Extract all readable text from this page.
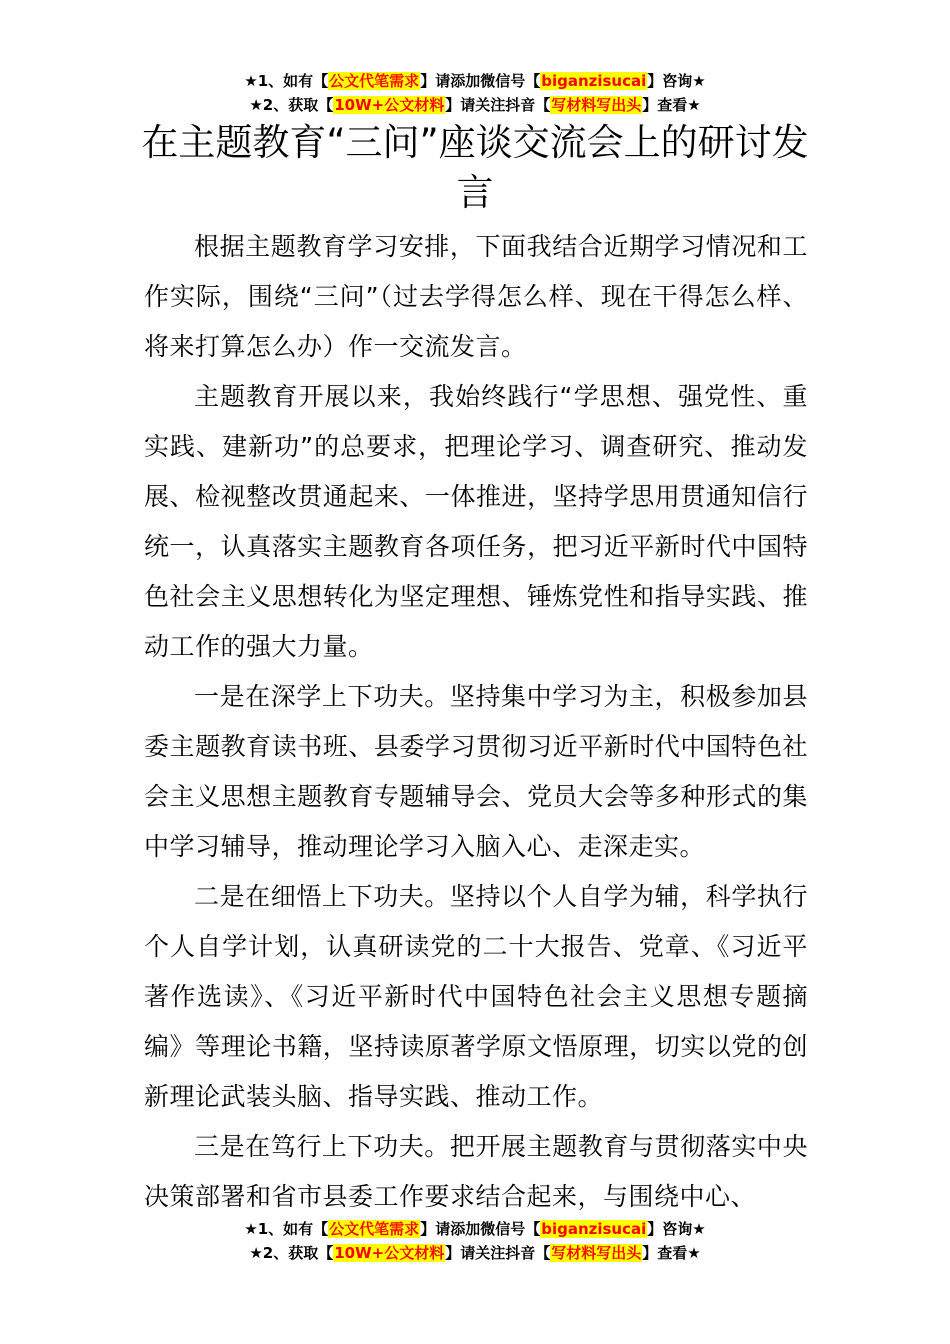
★1、如有【公文代笔需求】请添加微信号【biganzisucai】咨询★
★2、获取【10W+公文材料】请关注抖音【写材料写出头】查看★
在主题教育“三问”座谈交流会上的研讨发言

根据主题教育学习安排，下面我结合近期学习情况和工作实际，围绕“三问”（过去学得怎么样、现在干得怎么样、将来打算怎么办）作一交流发言。

主题教育开展以来，我始终践行“学思想、强党性、重实践、建新功”的总要求，把理论学习、调查研究、推动发展、检视整改贯通起来、一体推进，坚持学思用贯通知信行统一，认真落实主题教育各项任务，把习近平新时代中国特色社会主义思想转化为坚定理想、锤炼党性和指导实践、推动工作的强大力量。

一是在深学上下功夫。坚持集中学习为主，积极参加县委主题教育读书班、县委学习贯彻习近平新时代中国特色社会主义思想主题教育专题辅导会、党员大会等多种形式的集中学习辅导，推动理论学习入脑入心、走深走实。

二是在细悟上下功夫。坚持以个人自学为辅，科学执行个人自学计划，认真研读党的二十大报告、党章、《习近平著作选读》、《习近平新时代中国特色社会主义思想专题摘编》等理论书籍，坚持读原著学原文悟原理，切实以党的创新理论武装头脑、指导实践、推动工作。

三是在笃行上下功夫。把开展主题教育与贯彻落实中央决策部署和省市县委工作要求结合起来，与围绕中心、

★1、如有【公文代笔需求】请添加微信号【biganzisucai】咨询★
★2、获取【10W+公文材料】请关注抖音【写材料写出头】查看★
